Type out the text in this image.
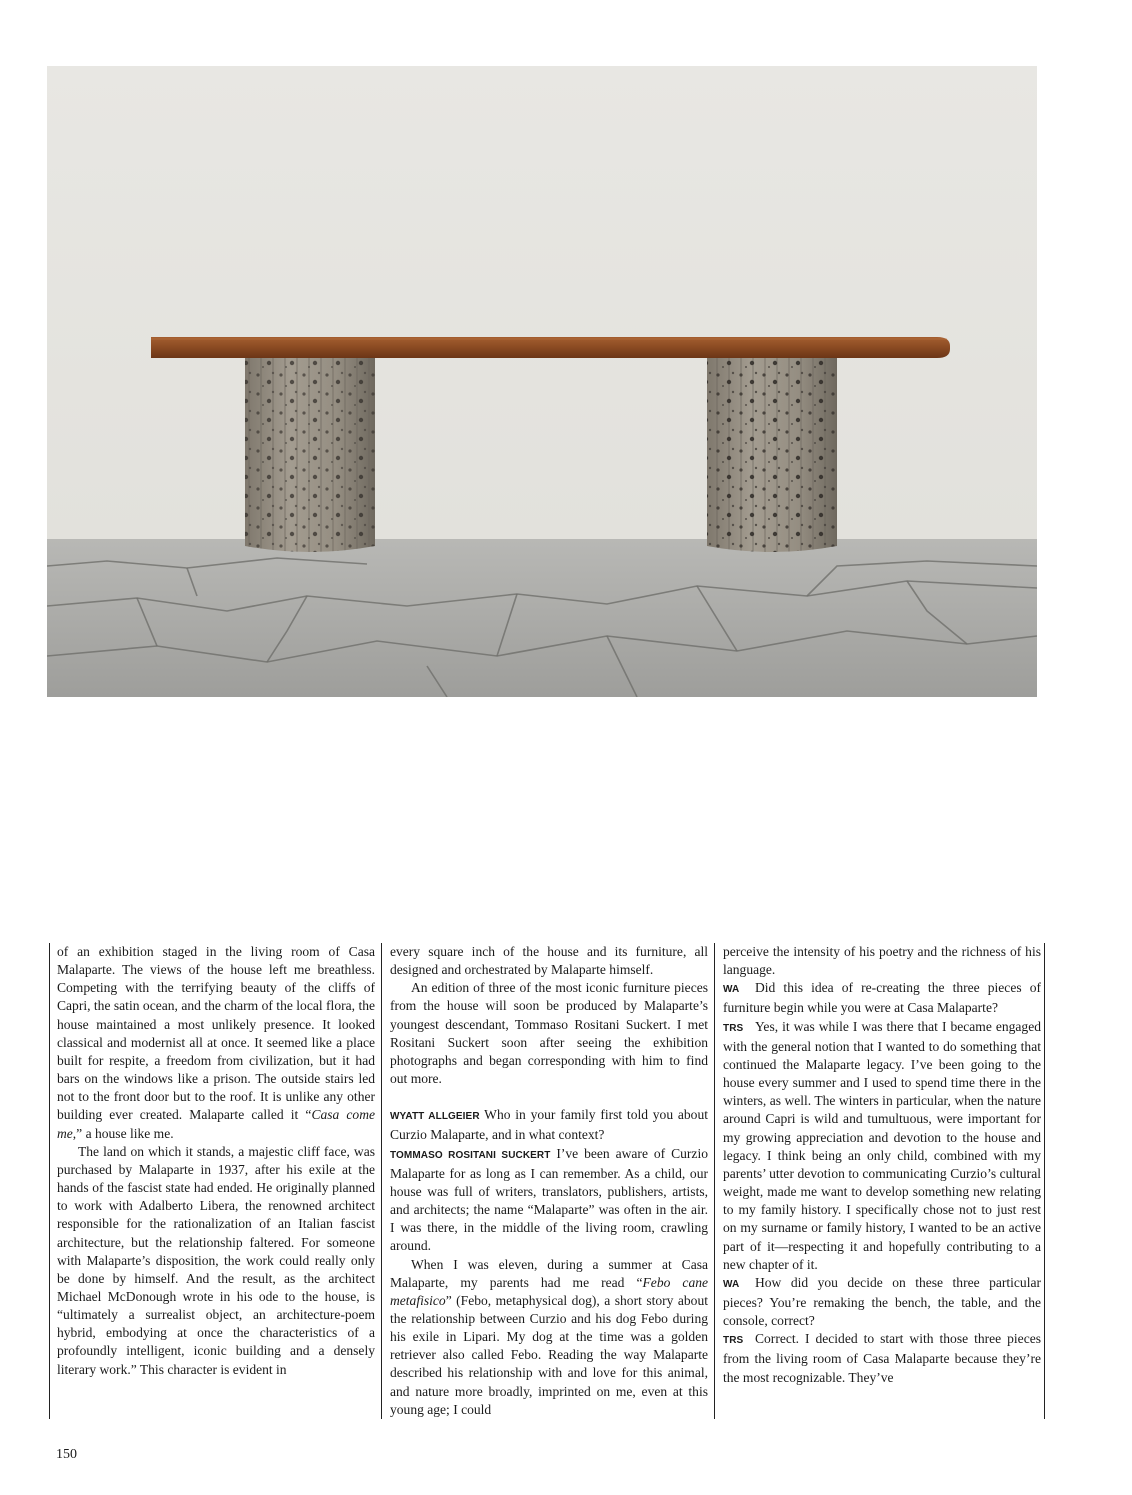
of an exhibition staged in the living room of Casa Malaparte. The views of the house left me breathless. Competing with the terrifying beauty of the cliffs of Capri, the satin ocean, and the charm of the local flora, the house maintained a most unlikely presence. It looked classical and modernist all at once. It seemed like a place built for respite, a freedom from civilization, but it had bars on the windows like a prison. The outside stairs led not to the front door but to the roof. It is unlike any other building ever created. Malaparte called it “Casa come me,” a house like me.

The land on which it stands, a majestic cliff face, was purchased by Malaparte in 1937, after his exile at the hands of the fascist state had ended. He originally planned to work with Adalberto Libera, the renowned architect responsible for the rationalization of an Italian fascist architecture, but the relationship faltered. For someone with Malaparte’s disposition, the work could really only be done by himself. And the result, as the architect Michael McDonough wrote in his ode to the house, is “ultimately a surrealist object, an architecture-poem hybrid, embodying at once the characteristics of a profoundly intelligent, iconic building and a densely literary work.” This character is evident in

every square inch of the house and its furniture, all designed and orchestrated by Malaparte himself.

An edition of three of the most iconic furniture pieces from the house will soon be produced by Malaparte’s youngest descendant, Tommaso Rositani Suckert. I met Rositani Suckert soon after seeing the exhibition photographs and began corresponding with him to find out more.

WYATT ALLGEIER Who in your family first told you about Curzio Malaparte, and in what context?

TOMMASO ROSITANI SUCKERT I’ve been aware of Curzio Malaparte for as long as I can remember. As a child, our house was full of writers, translators, publishers, artists, and architects; the name “Malaparte” was often in the air. I was there, in the middle of the living room, crawling around.

When I was eleven, during a summer at Casa Malaparte, my parents had me read “Febo cane metafisico” (Febo, metaphysical dog), a short story about the relationship between Curzio and his dog Febo during his exile in Lipari. My dog at the time was a golden retriever also called Febo. Reading the way Malaparte described his relationship with and love for this animal, and nature more broadly, imprinted on me, even at this young age; I could

perceive the intensity of his poetry and the richness of his language.

WA Did this idea of re-creating the three pieces of furniture begin while you were at Casa Malaparte?

TRS Yes, it was while I was there that I became engaged with the general notion that I wanted to do something that continued the Malaparte legacy. I’ve been going to the house every summer and I used to spend time there in the winters, as well. The winters in particular, when the nature around Capri is wild and tumultuous, were important for my growing appreciation and devotion to the house and legacy. I think being an only child, combined with my parents’ utter devotion to communicating Curzio’s cultural weight, made me want to develop something new relating to my family history. I specifically chose not to just rest on my surname or family history, I wanted to be an active part of it—respecting it and hopefully contributing to a new chapter of it.

WA How did you decide on these three particular pieces? You’re remaking the bench, the table, and the console, correct?

TRS Correct. I decided to start with those three pieces from the living room of Casa Malaparte because they’re the most recognizable. They’ve

150
